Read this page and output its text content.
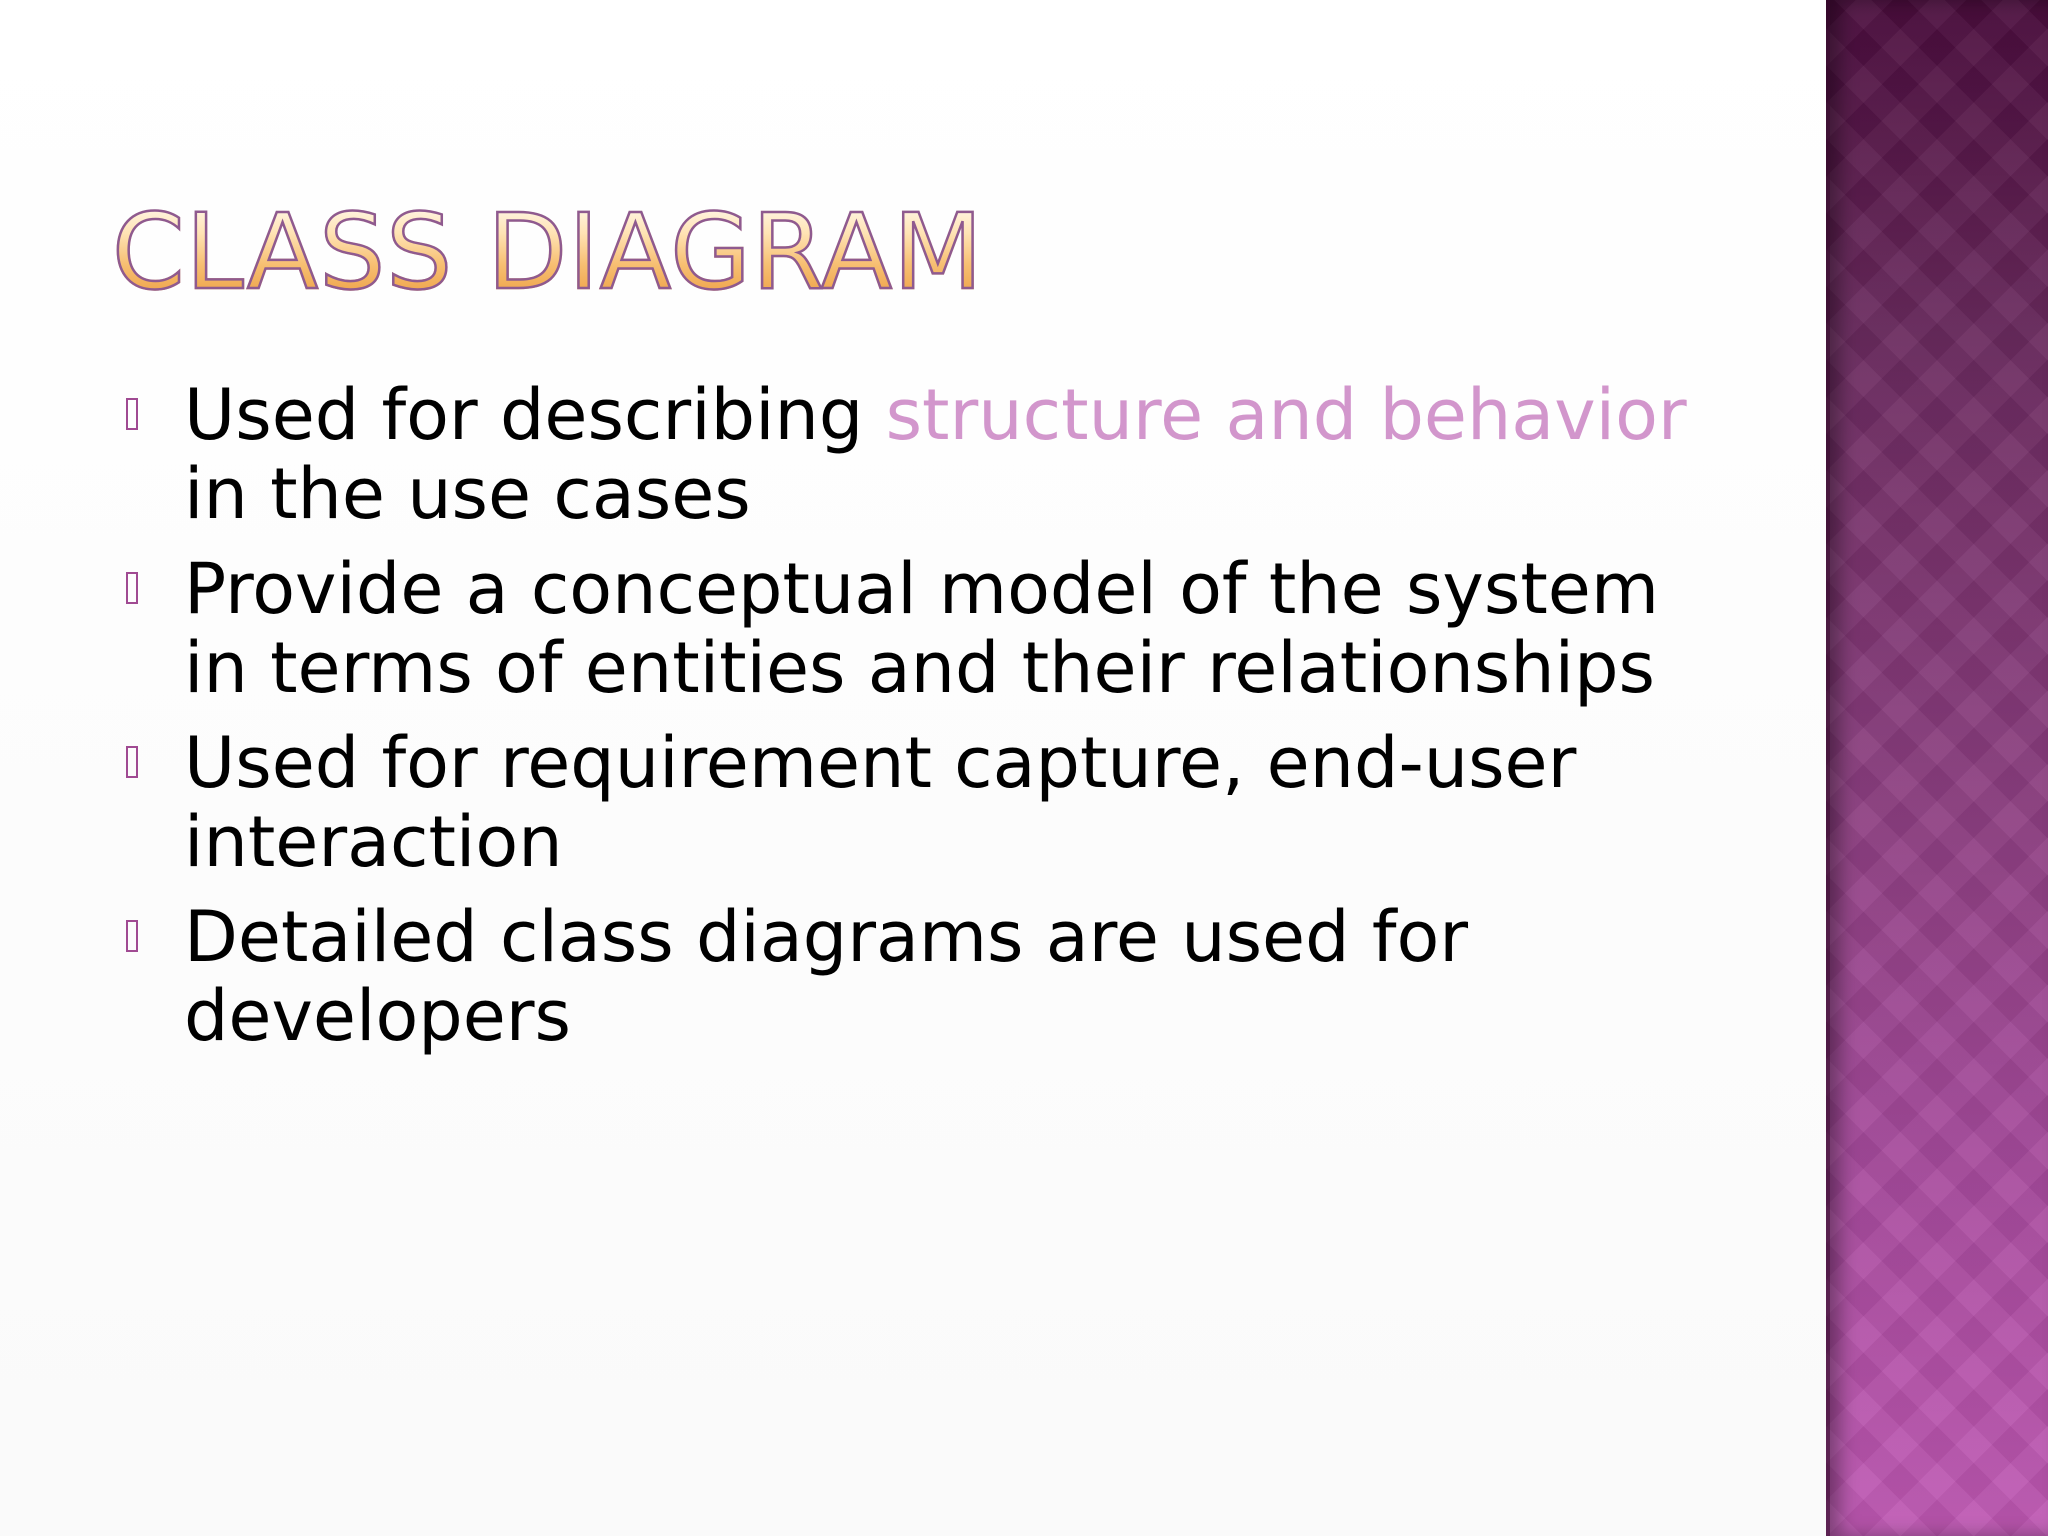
CLASS DIAGRAM
Used for describing structure and behavior in the use cases
Provide a conceptual model of the system in terms of entities and their relationships
Used for requirement capture, end-user interaction
Detailed class diagrams are used for developers
